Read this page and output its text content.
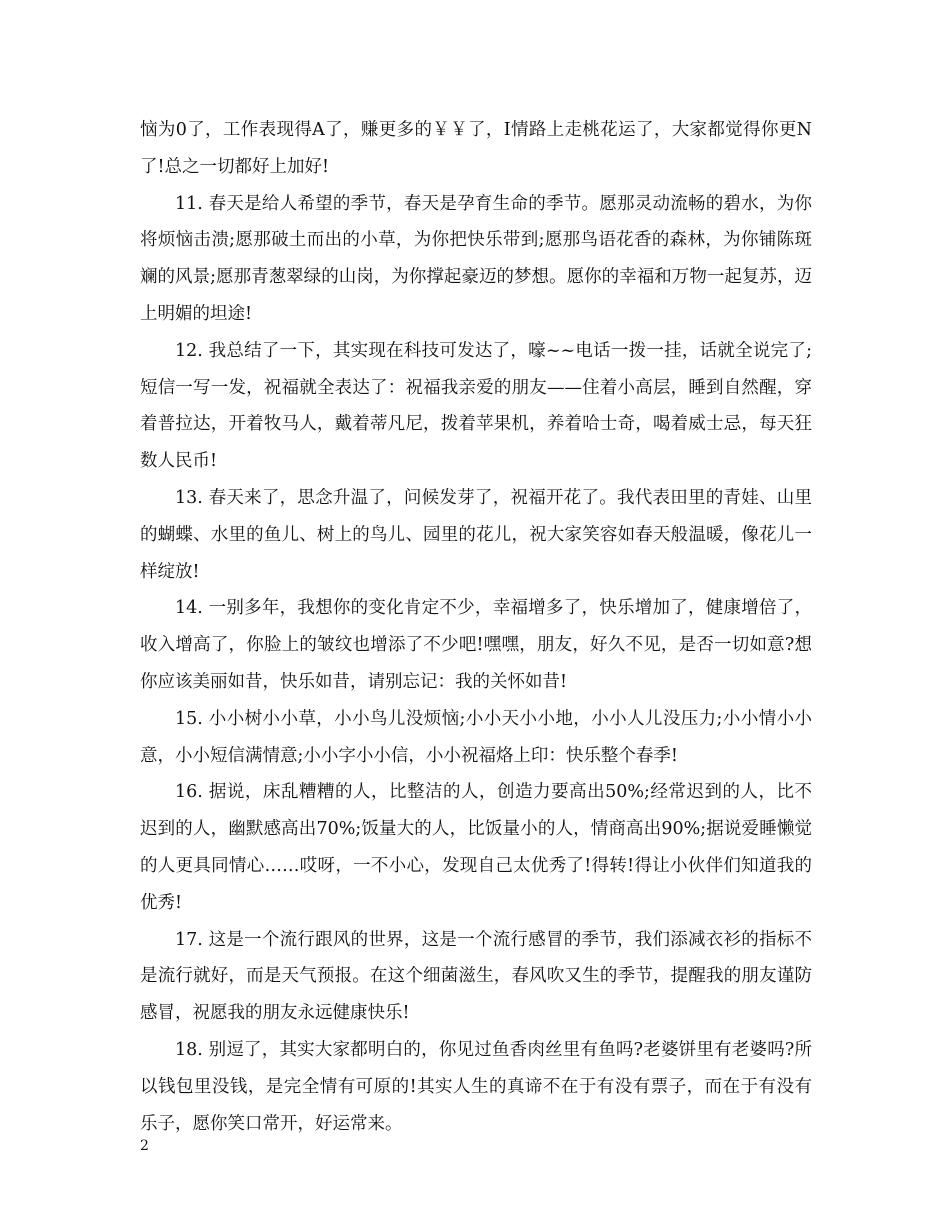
恼为0了，工作表现得A了，赚更多的￥￥了，I情路上走桃花运了，大家都觉得你更N了!总之一切都好上加好!

11. 春天是给人希望的季节，春天是孕育生命的季节。愿那灵动流畅的碧水，为你将烦恼击溃;愿那破土而出的小草，为你把快乐带到;愿那鸟语花香的森林，为你铺陈斑斓的风景;愿那青葱翠绿的山岗，为你撑起豪迈的梦想。愿你的幸福和万物一起复苏，迈上明媚的坦途!

12. 我总结了一下，其实现在科技可发达了，嚎~~电话一拨一挂，话就全说完了;短信一写一发，祝福就全表达了：祝福我亲爱的朋友——住着小高层，睡到自然醒，穿着普拉达，开着牧马人，戴着蒂凡尼，拨着苹果机，养着哈士奇，喝着威士忌，每天狂数人民币!

13. 春天来了，思念升温了，问候发芽了，祝福开花了。我代表田里的青娃、山里的蝴蝶、水里的鱼儿、树上的鸟儿、园里的花儿，祝大家笑容如春天般温暖，像花儿一样绽放!

14. 一别多年，我想你的变化肯定不少，幸福增多了，快乐增加了，健康增倍了，收入增高了，你脸上的皱纹也增添了不少吧!嘿嘿，朋友，好久不见，是否一切如意?想你应该美丽如昔，快乐如昔，请别忘记：我的关怀如昔!

15. 小小树小小草，小小鸟儿没烦恼;小小天小小地，小小人儿没压力;小小情小小意，小小短信满情意;小小字小小信，小小祝福烙上印：快乐整个春季!

16. 据说，床乱糟糟的人，比整洁的人，创造力要高出50%;经常迟到的人，比不迟到的人，幽默感高出70%;饭量大的人，比饭量小的人，情商高出90%;据说爱睡懒觉的人更具同情心……哎呀，一不小心，发现自己太优秀了!得转!得让小伙伴们知道我的优秀!

17. 这是一个流行跟风的世界，这是一个流行感冒的季节，我们添减衣衫的指标不是流行就好，而是天气预报。在这个细菌滋生，春风吹又生的季节，提醒我的朋友谨防感冒，祝愿我的朋友永远健康快乐!

18. 别逗了，其实大家都明白的，你见过鱼香肉丝里有鱼吗?老婆饼里有老婆吗?所以钱包里没钱，是完全情有可原的!其实人生的真谛不在于有没有票子，而在于有没有乐子，愿你笑口常开，好运常来。

2
